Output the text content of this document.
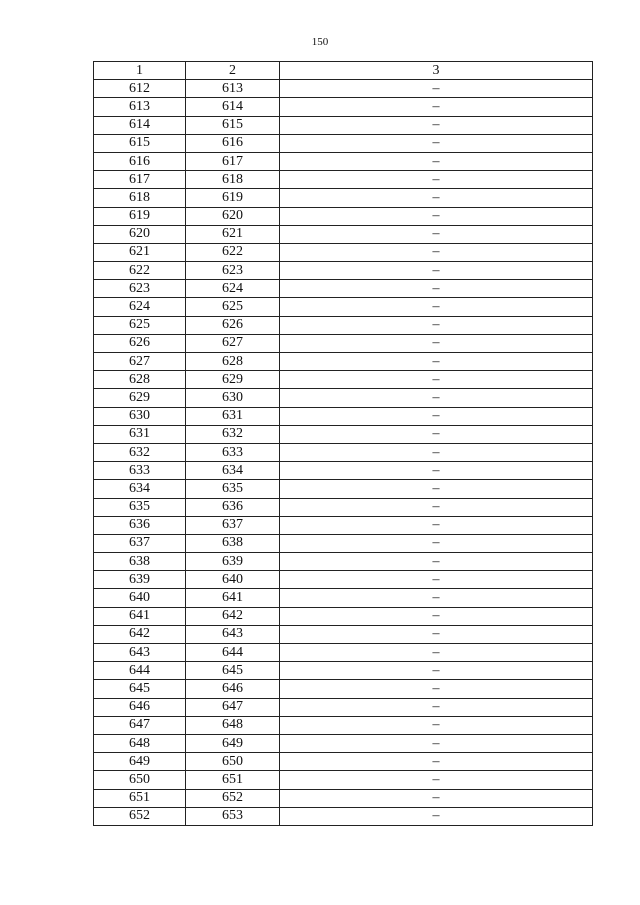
150
1	2	3
612	613	–
613	614	–
614	615	–
615	616	–
616	617	–
617	618	–
618	619	–
619	620	–
620	621	–
621	622	–
622	623	–
623	624	–
624	625	–
625	626	–
626	627	–
627	628	–
628	629	–
629	630	–
630	631	–
631	632	–
632	633	–
633	634	–
634	635	–
635	636	–
636	637	–
637	638	–
638	639	–
639	640	–
640	641	–
641	642	–
642	643	–
643	644	–
644	645	–
645	646	–
646	647	–
647	648	–
648	649	–
649	650	–
650	651	–
651	652	–
652	653	–
